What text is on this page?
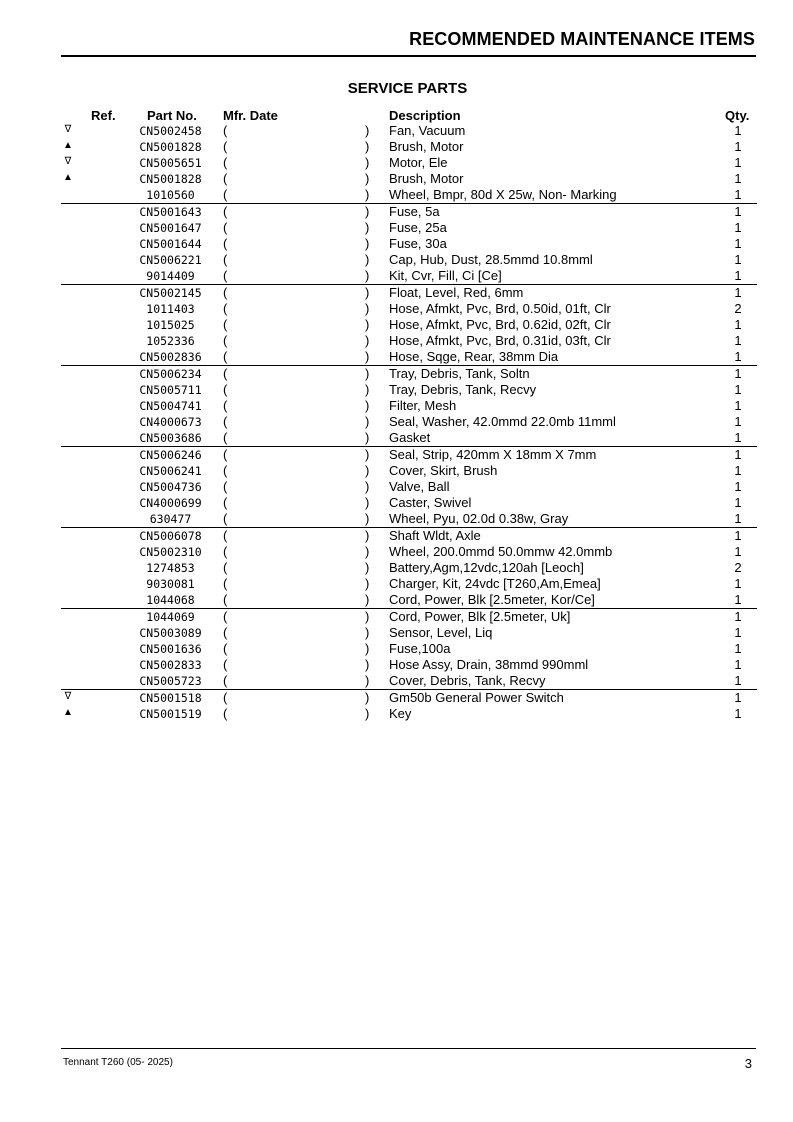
RECOMMENDED MAINTENANCE ITEMS
SERVICE PARTS
Ref. Part No. Mfr. Date	Description	Qty.
∇	CN5002458	(	) Fan, Vacuum	1
▲	CN5001828	(	) Brush, Motor	1
∇	CN5005651	(	) Motor, Ele	1
▲	CN5001828	(	) Brush, Motor	1
1010560	(	) Wheel, Bmpr, 80d X 25w, Non- Marking	1
CN5001643	(	) Fuse, 5a	1
CN5001647	(	) Fuse, 25a	1
CN5001644	(	) Fuse, 30a	1
CN5006221	(	) Cap, Hub, Dust, 28.5mmd 10.8mml	1
9014409	(	) Kit, Cvr, Fill, Ci [Ce]	1
CN5002145	(	) Float, Level, Red, 6mm	1
1011403	(	) Hose, Afmkt, Pvc, Brd, 0.50id, 01ft, Clr	2
1015025	(	) Hose, Afmkt, Pvc, Brd, 0.62id, 02ft, Clr	1
1052336	(	) Hose, Afmkt, Pvc, Brd, 0.31id, 03ft, Clr	1
CN5002836	(	) Hose, Sqge, Rear, 38mm Dia	1
CN5006234	(	) Tray, Debris, Tank, Soltn	1
CN5005711	(	) Tray, Debris, Tank, Recvy	1
CN5004741	(	) Filter, Mesh	1
CN4000673	(	) Seal, Washer, 42.0mmd 22.0mb 11mml	1
CN5003686	(	) Gasket	1
CN5006246	(	) Seal, Strip, 420mm X 18mm X 7mm	1
CN5006241	(	) Cover, Skirt, Brush	1
CN5004736	(	) Valve, Ball	1
CN4000699	(	) Caster, Swivel	1
630477	(	) Wheel, Pyu, 02.0d 0.38w, Gray	1
CN5006078	(	) Shaft Wldt, Axle	1
CN5002310	(	) Wheel, 200.0mmd 50.0mmw 42.0mmb	1
1274853	(	) Battery,Agm,12vdc,120ah [Leoch]	2
9030081	(	) Charger, Kit, 24vdc [T260,Am,Emea]	1
1044068	(	) Cord, Power, Blk [2.5meter, Kor/Ce]	1
1044069	(	) Cord, Power, Blk [2.5meter, Uk]	1
CN5003089	(	) Sensor, Level, Liq	1
CN5001636	(	) Fuse,100a	1
CN5002833	(	) Hose Assy, Drain, 38mmd 990mml	1
CN5005723	(	) Cover, Debris, Tank, Recvy	1
∇	CN5001518	(	) Gm50b General Power Switch	1
▲	CN5001519	(	) Key	1
Tennant T260 (05- 2025)	3
